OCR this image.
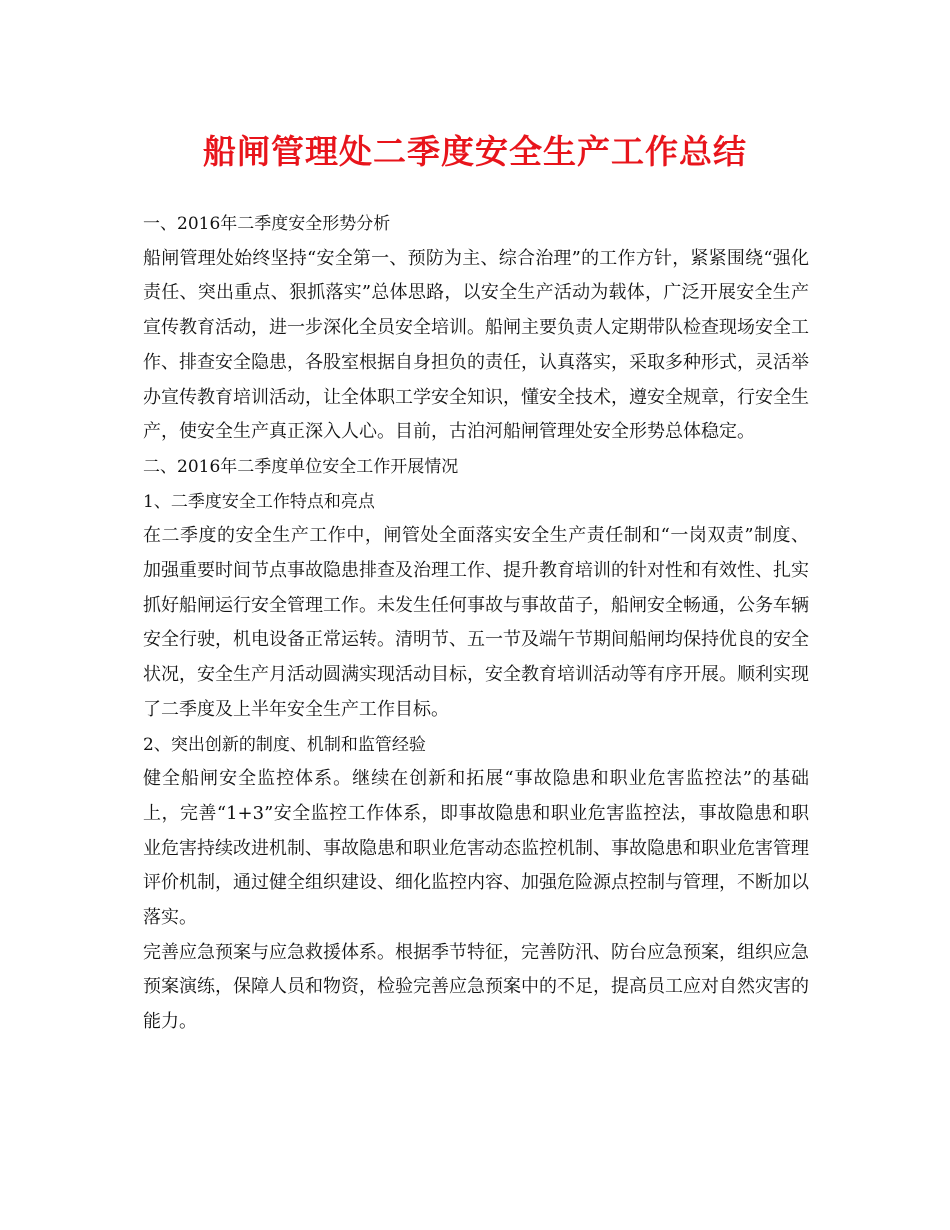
船闸管理处二季度安全生产工作总结

一、2016年二季度安全形势分析

船闸管理处始终坚持“安全第一、预防为主、综合治理”的工作方针，紧紧围绕“强化责任、突出重点、狠抓落实”总体思路，以安全生产活动为载体，广泛开展安全生产宣传教育活动，进一步深化全员安全培训。船闸主要负责人定期带队检查现场安全工作、排查安全隐患，各股室根据自身担负的责任，认真落实，采取多种形式，灵活举办宣传教育培训活动，让全体职工学安全知识，懂安全技术，遵安全规章，行安全生产，使安全生产真正深入人心。目前，古泊河船闸管理处安全形势总体稳定。

二、2016年二季度单位安全工作开展情况

1、二季度安全工作特点和亮点

在二季度的安全生产工作中，闸管处全面落实安全生产责任制和“一岗双责”制度、加强重要时间节点事故隐患排查及治理工作、提升教育培训的针对性和有效性、扎实抓好船闸运行安全管理工作。未发生任何事故与事故苗子，船闸安全畅通，公务车辆安全行驶，机电设备正常运转。清明节、五一节及端午节期间船闸均保持优良的安全状况，安全生产月活动圆满实现活动目标，安全教育培训活动等有序开展。顺利实现了二季度及上半年安全生产工作目标。

2、突出创新的制度、机制和监管经验

健全船闸安全监控体系。继续在创新和拓展“事故隐患和职业危害监控法”的基础上，完善“1+3”安全监控工作体系，即事故隐患和职业危害监控法，事故隐患和职业危害持续改进机制、事故隐患和职业危害动态监控机制、事故隐患和职业危害管理评价机制，通过健全组织建设、细化监控内容、加强危险源点控制与管理，不断加以落实。

完善应急预案与应急救援体系。根据季节特征，完善防汛、防台应急预案，组织应急预案演练，保障人员和物资，检验完善应急预案中的不足，提高员工应对自然灾害的能力。
